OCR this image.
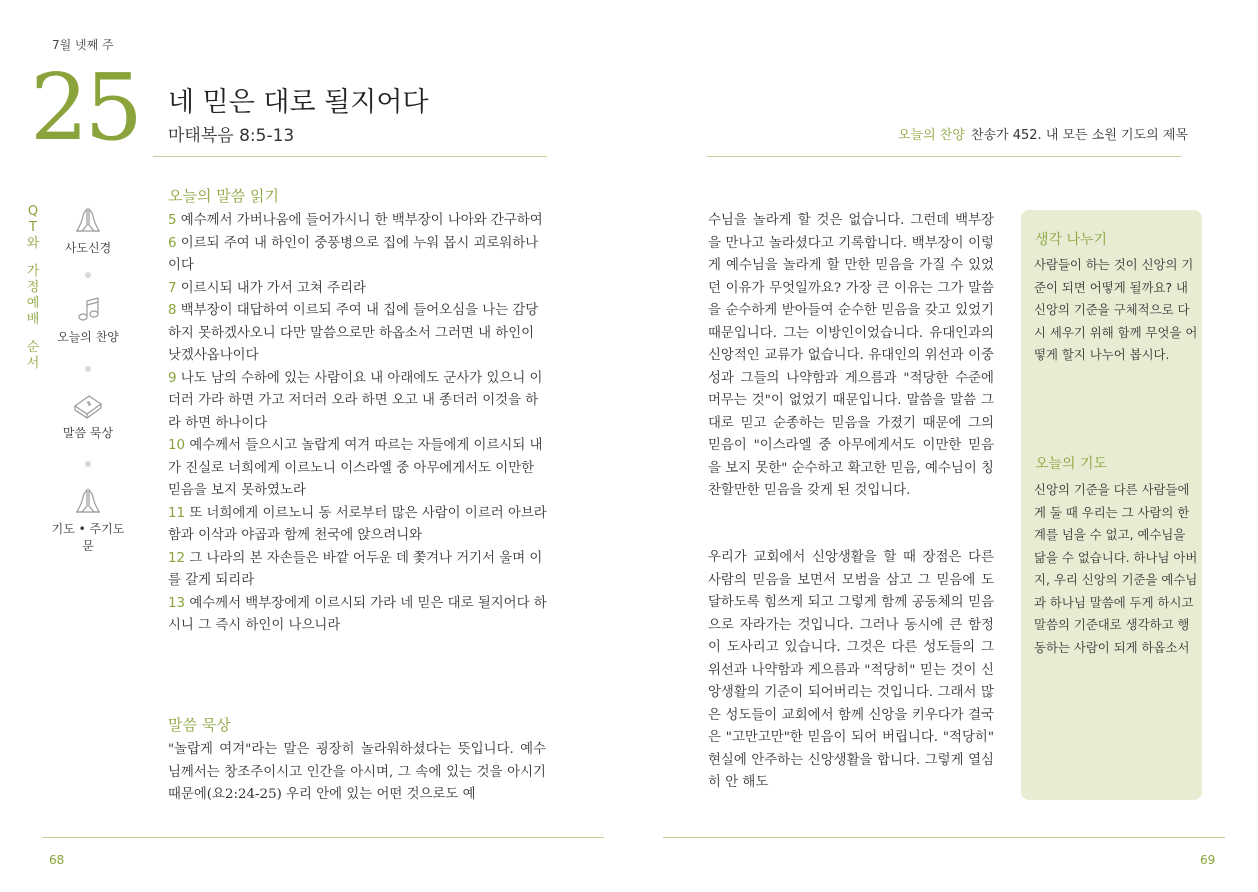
7월 넷째 주
25 네 믿은 대로 될지어다
마태복음 8:5-13	오늘의 찬양 찬송가 452. 내 모든 소원 기도의 제목
Q
T
와
가
정
예
배
순
서
사도신경
오늘의 찬양
말씀 묵상
기도 • 주기도문
오늘의 말씀 읽기
5 예수께서 가버나움에 들어가시니 한 백부장이 나아와 간구하여
6 이르되 주여 내 하인이 중풍병으로 집에 누워 몹시 괴로워하나이다
7 이르시되 내가 가서 고쳐 주리라
8 백부장이 대답하여 이르되 주여 내 집에 들어오심을 나는 감당하지 못하겠사오니 다만 말씀으로만 하옵소서 그러면 내 하인이 낫겠사옵나이다
9 나도 남의 수하에 있는 사람이요 내 아래에도 군사가 있으니 이더러 가라 하면 가고 저더러 오라 하면 오고 내 종더러 이것을 하라 하면 하나이다
10 예수께서 들으시고 놀랍게 여겨 따르는 자들에게 이르시되 내가 진실로 너희에게 이르노니 이스라엘 중 아무에게서도 이만한 믿음을 보지 못하였노라
11 또 너희에게 이르노니 동 서로부터 많은 사람이 이르러 아브라함과 이삭과 야곱과 함께 천국에 앉으려니와
12 그 나라의 본 자손들은 바깥 어두운 데 쫓겨나 거기서 울며 이를 갈게 되리라
13 예수께서 백부장에게 이르시되 가라 네 믿은 대로 될지어다 하시니 그 즉시 하인이 나으니라
말씀 묵상
"놀랍게 여겨"라는 말은 굉장히 놀라워하셨다는 뜻입니다. 예수님께서는 창조주이시고 인간을 아시며, 그 속에 있는 것을 아시기 때문에(요2:24-25) 우리 안에 있는 어떤 것으로도 예
수님을 놀라게 할 것은 없습니다. 그런데 백부장을 만나고 놀라셨다고 기록합니다. 백부장이 이렇게 예수님을 놀라게 할 만한 믿음을 가질 수 있었던 이유가 무엇일까요? 가장 큰 이유는 그가 말씀을 순수하게 받아들여 순수한 믿음을 갖고 있었기 때문입니다. 그는 이방인이었습니다. 유대인과의 신앙적인 교류가 없습니다. 유대인의 위선과 이중성과 그들의 나약함과 게으름과 "적당한 수준에 머무는 것"이 없었기 때문입니다. 말씀을 말씀 그대로 믿고 순종하는 믿음을 가졌기 때문에 그의 믿음이 "이스라엘 중 아무에게서도 이만한 믿음을 보지 못한" 순수하고 확고한 믿음, 예수님이 칭찬할만한 믿음을 갖게 된 것입니다.
우리가 교회에서 신앙생활을 할 때 장점은 다른 사람의 믿음을 보면서 모범을 삼고 그 믿음에 도달하도록 힘쓰게 되고 그렇게 함께 공동체의 믿음으로 자라가는 것입니다. 그러나 동시에 큰 함정이 도사리고 있습니다. 그것은 다른 성도들의 그 위선과 나약함과 게으름과 "적당히" 믿는 것이 신앙생활의 기준이 되어버리는 것입니다. 그래서 많은 성도들이 교회에서 함께 신앙을 키우다가 결국은 "고만고만"한 믿음이 되어 버립니다. "적당히" 현실에 안주하는 신앙생활을 합니다. 그렇게 열심히 안 해도
생각 나누기
사람들이 하는 것이 신앙의 기준이 되면 어떻게 될까요? 내 신앙의 기준을 구체적으로 다시 세우기 위해 함께 무엇을 어떻게 할지 나누어 봅시다.
오늘의 기도
신앙의 기준을 다른 사람들에게 둘 때 우리는 그 사람의 한계를 넘을 수 없고, 예수님을 닮을 수 없습니다. 하나님 아버지, 우리 신앙의 기준을 예수님과 하나님 말씀에 두게 하시고 말씀의 기준대로 생각하고 행동하는 사람이 되게 하옵소서
68	69
